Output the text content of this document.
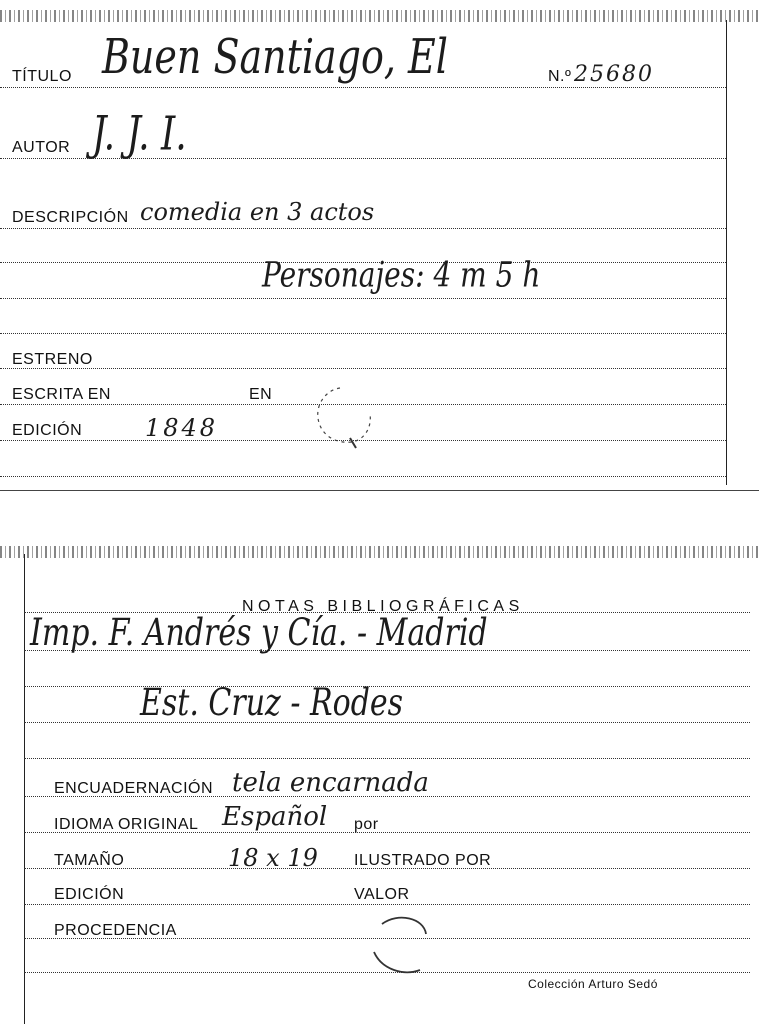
TÍTULO Buen Santiago, El	N.º 25680
AUTOR J. J. I.
DESCRIPCIÓN comedia en 3 actos
Personajes: 4 m 5 h
ESTRENO
ESCRITA EN	EN
EDICIÓN	1848
NOTAS BIBLIOGRÁFICAS
Imp. F. Andrés y Cía. - Madrid
Est. Cruz - Rodes
ENCUADERNACIÓN tela encarnada
IDIOMA ORIGINAL Español por
TAMAÑO	18 x 19 ILUSTRADO POR
EDICIÓN	VALOR
PROCEDENCIA
Colección Arturo Sedó
